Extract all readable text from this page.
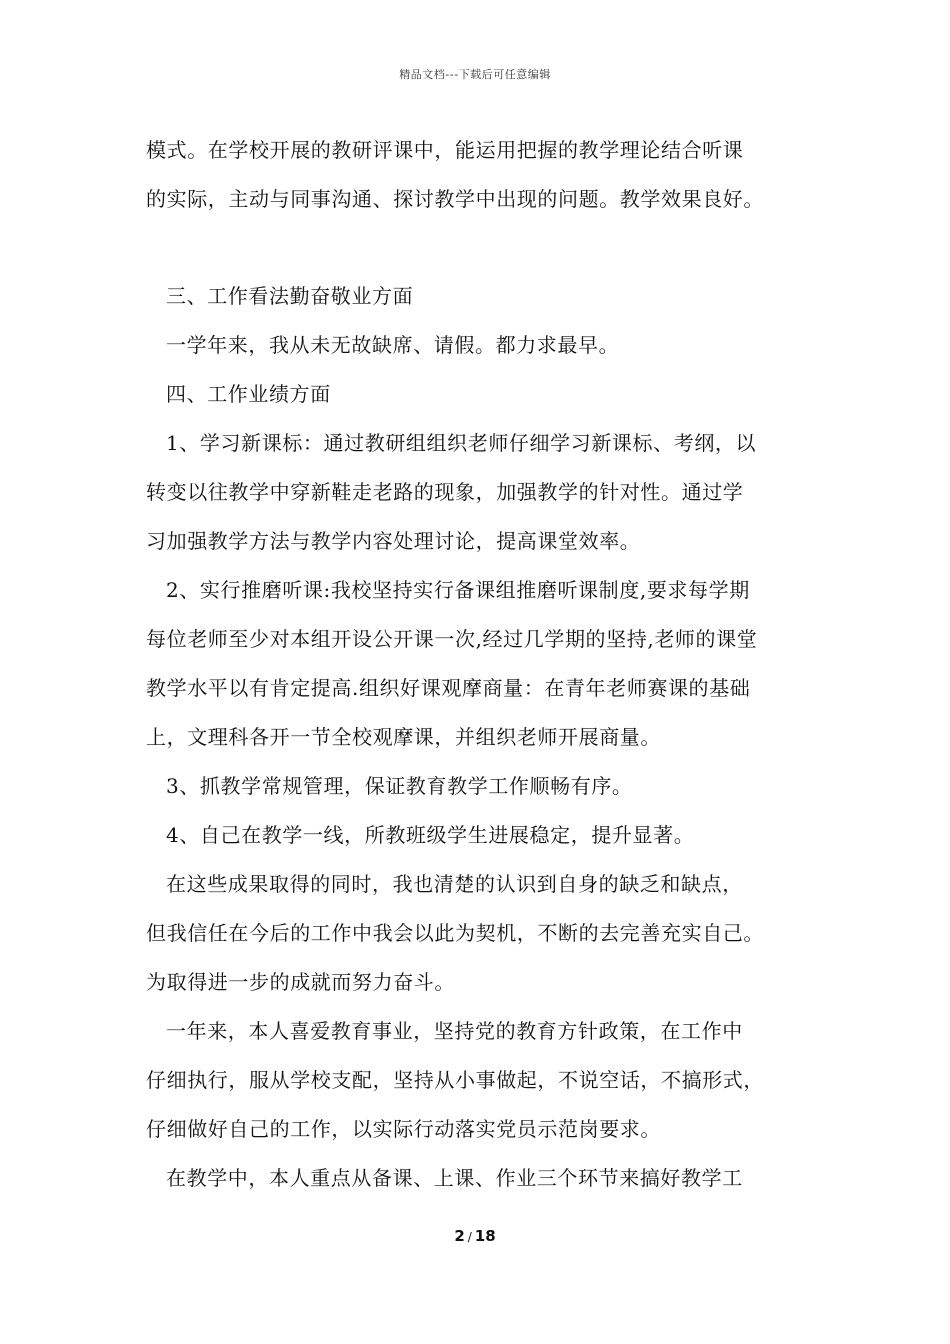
精品文档---下载后可任意编辑
模式。在学校开展的教研评课中，能运用把握的教学理论结合听课
的实际，主动与同事沟通、探讨教学中出现的问题。教学效果良好。
三、工作看法勤奋敬业方面
一学年来，我从未无故缺席、请假。都力求最早。
四、工作业绩方面
1、学习新课标：通过教研组组织老师仔细学习新课标、考纲，以
转变以往教学中穿新鞋走老路的现象，加强教学的针对性。通过学
习加强教学方法与教学内容处理讨论，提高课堂效率。
2、实行推磨听课:我校坚持实行备课组推磨听课制度,要求每学期
每位老师至少对本组开设公开课一次,经过几学期的坚持,老师的课堂
教学水平以有肯定提高.组织好课观摩商量：在青年老师赛课的基础
上，文理科各开一节全校观摩课，并组织老师开展商量。
3、抓教学常规管理，保证教育教学工作顺畅有序。
4、自己在教学一线，所教班级学生进展稳定，提升显著。
在这些成果取得的同时，我也清楚的认识到自身的缺乏和缺点，
但我信任在今后的工作中我会以此为契机，不断的去完善充实自己。
为取得进一步的成就而努力奋斗。
一年来，本人喜爱教育事业，坚持党的教育方针政策，在工作中
仔细执行，服从学校支配，坚持从小事做起，不说空话，不搞形式，
仔细做好自己的工作，以实际行动落实党员示范岗要求。
在教学中，本人重点从备课、上课、作业三个环节来搞好教学工
2 / 18
